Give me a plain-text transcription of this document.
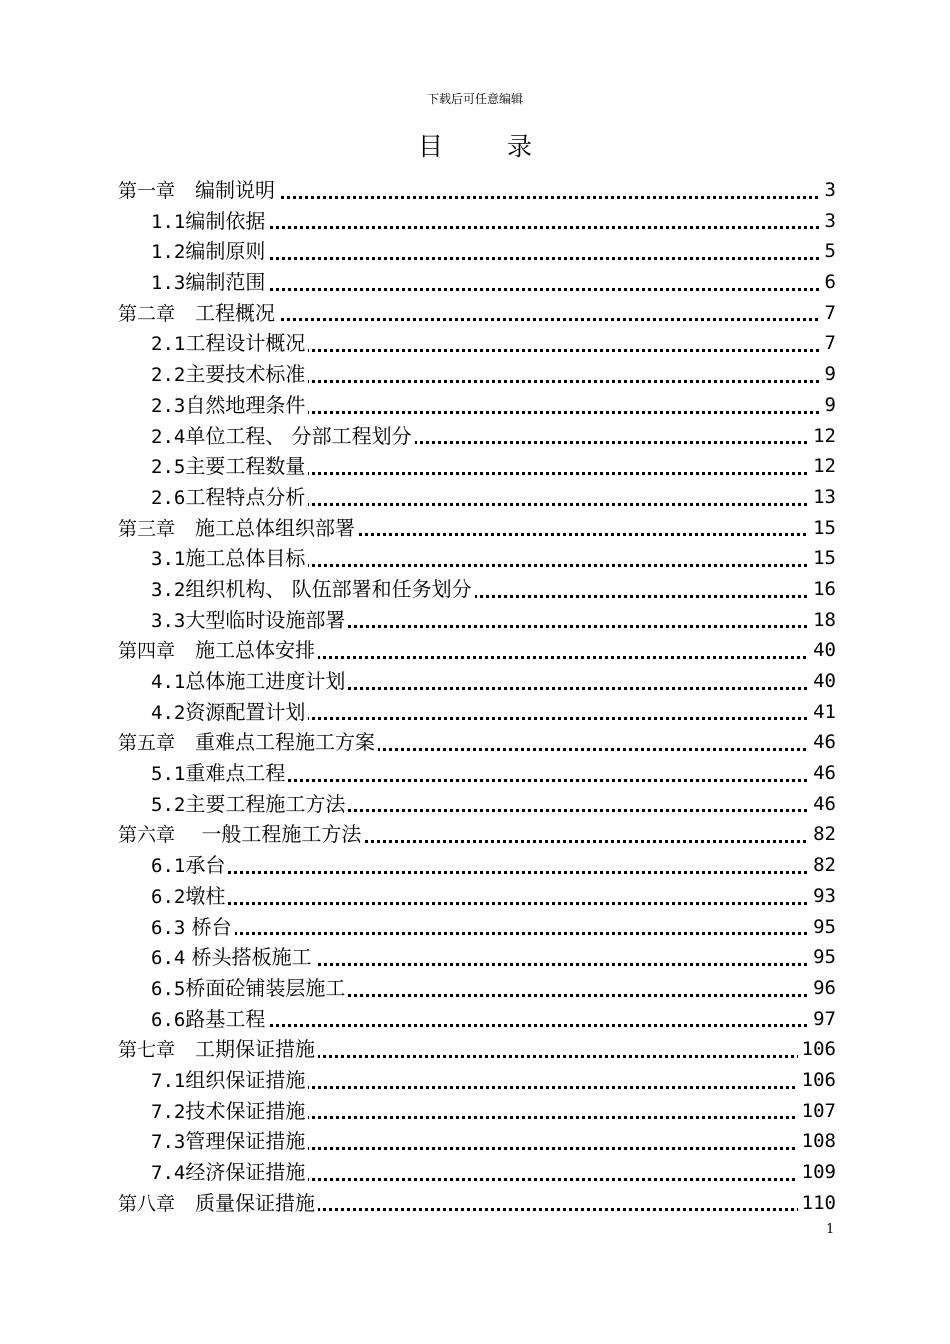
下载后可任意编辑
目 录
第一章　 编制说明	3
1.1编制依据	3
1.2编制原则	5
1.3编制范围	6
第二章　 工程概况	7
2.1工程设计概况	7
2.2主要技术标准	9
2.3自然地理条件	9
2.4单位工程、 分部工程划分	12
2.5主要工程数量	12
2.6工程特点分析	13
第三章　 施工总体组织部署	15
3.1施工总体目标	15
3.2组织机构、 队伍部署和任务划分	16
3.3大型临时设施部署	18
第四章　 施工总体安排	40
4.1总体施工进度计划	40
4.2资源配置计划	41
第五章　 重难点工程施工方案	46
5.1重难点工程	46
5.2主要工程施工方法	46
第六章　 一般工程施工方法	82
6.1承台	82
6.2墩柱	93
6.3 桥台	95
6.4 桥头搭板施工	95
6.5桥面砼铺装层施工	96
6.6路基工程	97
第七章　 工期保证措施	106
7.1组织保证措施	106
7.2技术保证措施	107
7.3管理保证措施	108
7.4经济保证措施	109
第八章　 质量保证措施	110
1
